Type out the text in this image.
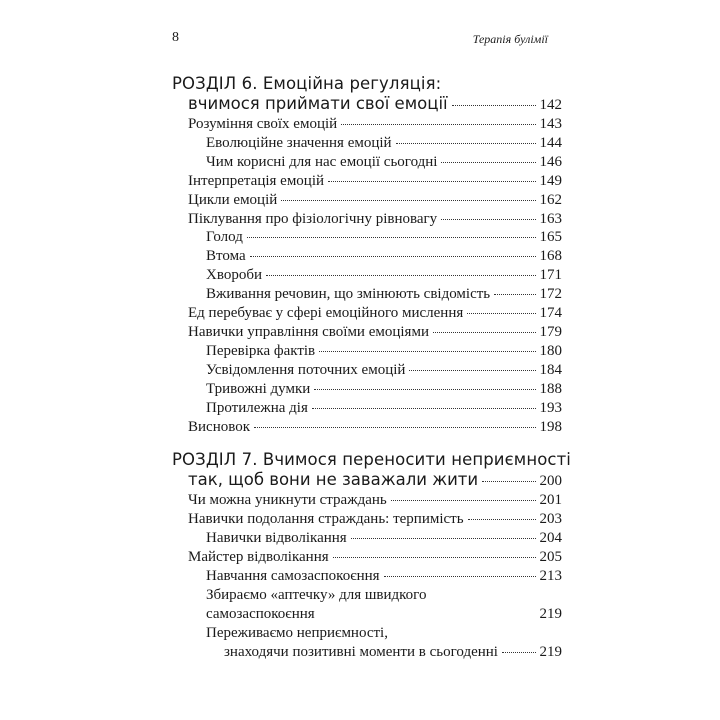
8	Терапія булімії
РОЗДІЛ 6. Емоційна регуляція:
вчимося приймати свої емоції	142
Розуміння своїх емоцій	143
Еволюційне значення емоцій	144
Чим корисні для нас емоції сьогодні	146
Інтерпретація емоцій	149
Цикли емоцій	162
Піклування про фізіологічну рівновагу	163
Голод	165
Втома	168
Хвороби	171
Вживання речовин, що змінюють свідомість	172
Ед перебуває у сфері емоційного мислення	174
Навички управління своїми емоціями	179
Перевірка фактів	180
Усвідомлення поточних емоцій	184
Тривожні думки	188
Протилежна дія	193
Висновок	198
РОЗДІЛ 7. Вчимося переносити неприємності
так, щоб вони не заважали жити	200
Чи можна уникнути страждань	201
Навички подолання страждань: терпимість	203
Навички відволікання	204
Майстер відволікання	205
Навчання самозаспокоєння	213
Збираємо «аптечку» для швидкого
самозаспокоєння	219
Переживаємо неприємності,
знаходячи позитивні моменти в сьогоденні	219
